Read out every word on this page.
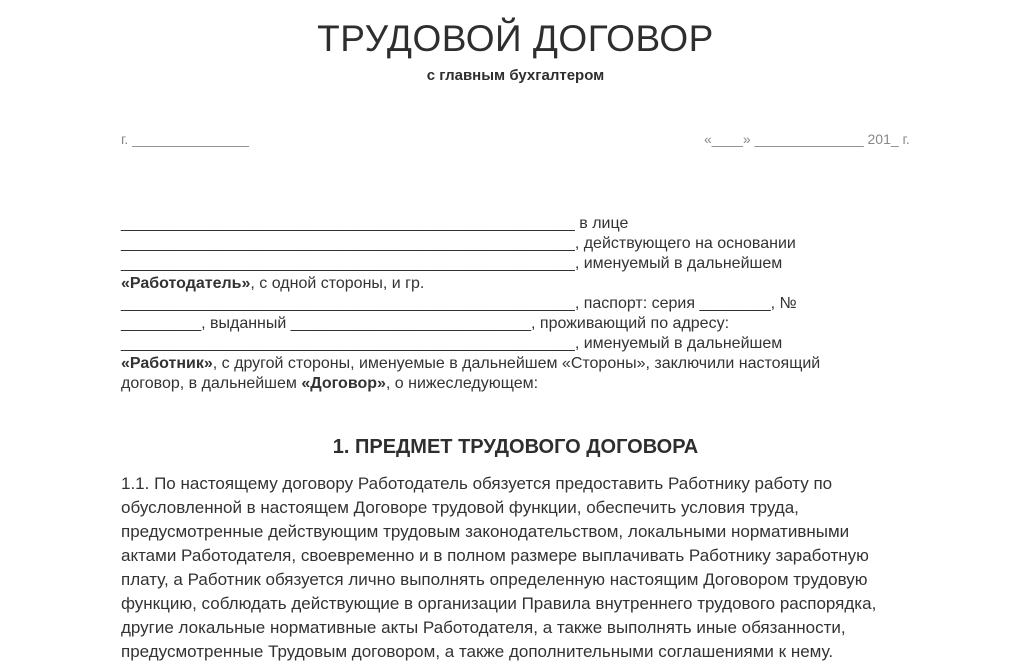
ТРУДОВОЙ ДОГОВОР
с главным бухгалтером
г. _______________	«____» ______________ 201_ г.
___________________________________________________ в лице
___________________________________________________, действующего на основании
___________________________________________________, именуемый в дальнейшем
«Работодатель», с одной стороны, и гр.
___________________________________________________, паспорт: серия ________, №
_________, выданный ___________________________, проживающий по адресу:
___________________________________________________, именуемый в дальнейшем
«Работник», с другой стороны, именуемые в дальнейшем «Стороны», заключили настоящий
договор, в дальнейшем «Договор», о нижеследующем:
1. ПРЕДМЕТ ТРУДОВОГО ДОГОВОРА
1.1. По настоящему договору Работодатель обязуется предоставить Работнику работу по
обусловленной в настоящем Договоре трудовой функции, обеспечить условия труда,
предусмотренные действующим трудовым законодательством, локальными нормативными
актами Работодателя, своевременно и в полном размере выплачивать Работнику заработную
плату, а Работник обязуется лично выполнять определенную настоящим Договором трудовую
функцию, соблюдать действующие в организации Правила внутреннего трудового распорядка,
другие локальные нормативные акты Работодателя, а также выполнять иные обязанности,
предусмотренные Трудовым договором, а также дополнительными соглашениями к нему.
